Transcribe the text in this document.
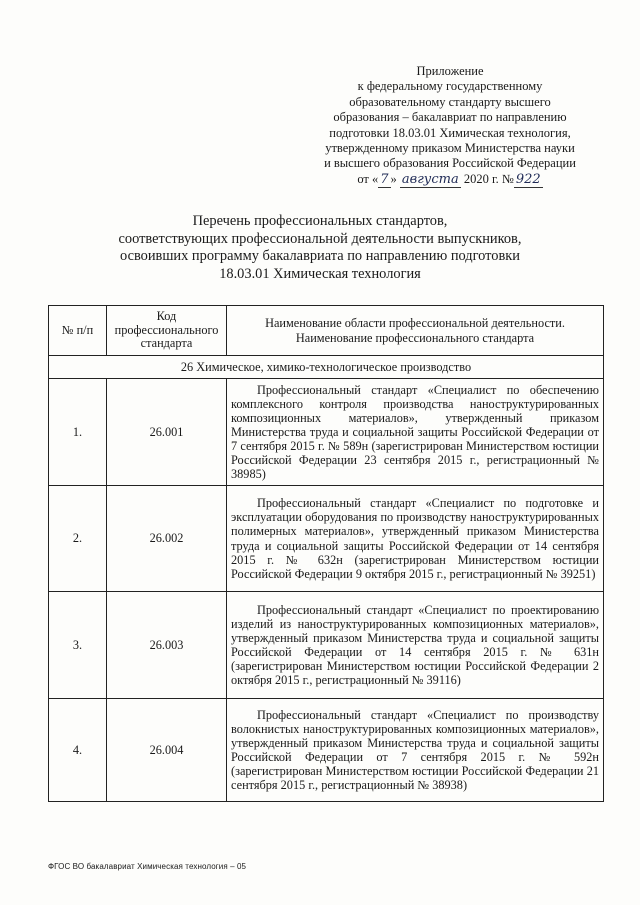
Приложение
к федеральному государственному
образовательному стандарту высшего
образования – бакалавриат по направлению
подготовки 18.03.01 Химическая технология,
утвержденному приказом Министерства науки
и высшего образования Российской Федерации
от « 7 » августа 2020 г. № 922
Перечень профессиональных стандартов,
соответствующих профессиональной деятельности выпускников,
освоивших программу бакалавриата по направлению подготовки
18.03.01 Химическая технология
№ п/п	Код профессионального стандарта	Наименование области профессиональной деятельности. Наименование профессионального стандарта
26 Химическое, химико-технологическое производство		
1.	26.001	Профессиональный стандарт «Специалист по обеспечению комплексного контроля производства наноструктурированных композиционных материалов», утвержденный приказом Министерства труда и социальной защиты Российской Федерации от 7 сентября 2015 г. № 589н (зарегистрирован Министерством юстиции Российской Федерации 23 сентября 2015 г., регистрационный № 38985)

2.	26.002	Профессиональный стандарт «Специалист по подготовке и эксплуатации оборудования по производству наноструктурированных полимерных материалов», утвержденный приказом Министерства труда и социальной защиты Российской Федерации от 14 сентября 2015 г. № 632н (зарегистрирован Министерством юстиции Российской Федерации 9 октября 2015 г., регистрационный № 39251)

3.	26.003	Профессиональный стандарт «Специалист по проектированию изделий из наноструктурированных композиционных материалов», утвержденный приказом Министерства труда и социальной защиты Российской Федерации от 14 сентября 2015 г. № 631н (зарегистрирован Министерством юстиции Российской Федерации 2 октября 2015 г., регистрационный № 39116)

4.	26.004	Профессиональный стандарт «Специалист по производству волокнистых наноструктурированных композиционных материалов», утвержденный приказом Министерства труда и социальной защиты Российской Федерации от 7 сентября 2015 г. № 592н (зарегистрирован Министерством юстиции Российской Федерации 21 сентября 2015 г., регистрационный № 38938)
ФГОС ВО бакалавриат Химическая технология – 05
